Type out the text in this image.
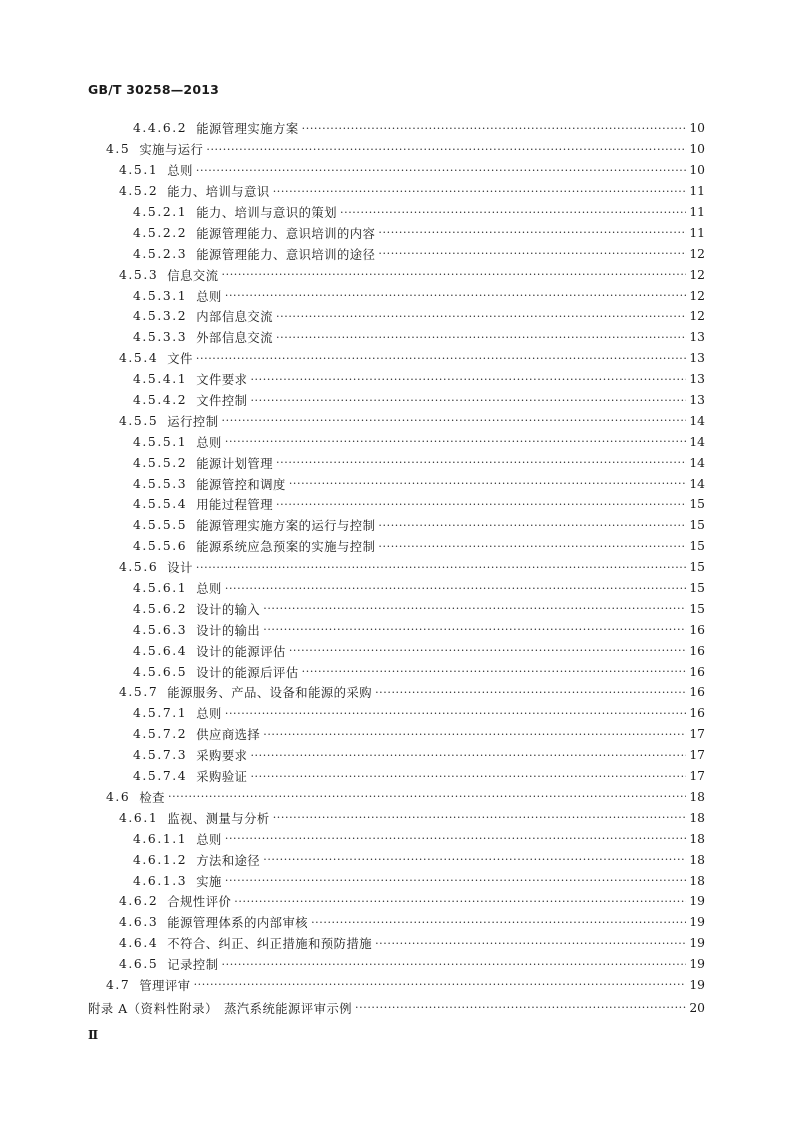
GB/T 30258—2013
4.4.6.2 能源管理实施方案 ·····	10
4.5 实施与运行 ·····	10
4.5.1 总则 ·····	10
4.5.2 能力、培训与意识 ·····	11
4.5.2.1 能力、培训与意识的策划 ·····	11
4.5.2.2 能源管理能力、意识培训的内容 ·····	11
4.5.2.3 能源管理能力、意识培训的途径 ·····	12
4.5.3 信息交流 ·····	12
4.5.3.1 总则 ·····	12
4.5.3.2 内部信息交流 ·····	12
4.5.3.3 外部信息交流 ·····	13
4.5.4 文件 ·····	13
4.5.4.1 文件要求 ·····	13
4.5.4.2 文件控制 ·····	13
4.5.5 运行控制 ·····	14
4.5.5.1 总则 ·····	14
4.5.5.2 能源计划管理 ·····	14
4.5.5.3 能源管控和调度 ·····	14
4.5.5.4 用能过程管理 ·····	15
4.5.5.5 能源管理实施方案的运行与控制 ·····	15
4.5.5.6 能源系统应急预案的实施与控制 ·····	15
4.5.6 设计 ·····	15
4.5.6.1 总则 ·····	15
4.5.6.2 设计的输入 ·····	15
4.5.6.3 设计的输出 ·····	16
4.5.6.4 设计的能源评估 ·····	16
4.5.6.5 设计的能源后评估 ·····	16
4.5.7 能源服务、产品、设备和能源的采购 ·····	16
4.5.7.1 总则 ·····	16
4.5.7.2 供应商选择 ·····	17
4.5.7.3 采购要求 ·····	17
4.5.7.4 采购验证 ·····	17
4.6 检查 ·····	18
4.6.1 监视、测量与分析 ·····	18
4.6.1.1 总则 ·····	18
4.6.1.2 方法和途径 ·····	18
4.6.1.3 实施 ·····	18
4.6.2 合规性评价 ·····	19
4.6.3 能源管理体系的内部审核 ·····	19
4.6.4 不符合、纠正、纠正措施和预防措施 ·····	19
4.6.5 记录控制 ·····	19
4.7 管理评审 ·····	19
附录 A（资料性附录） 蒸汽系统能源评审示例 ·····	20
Ⅱ
